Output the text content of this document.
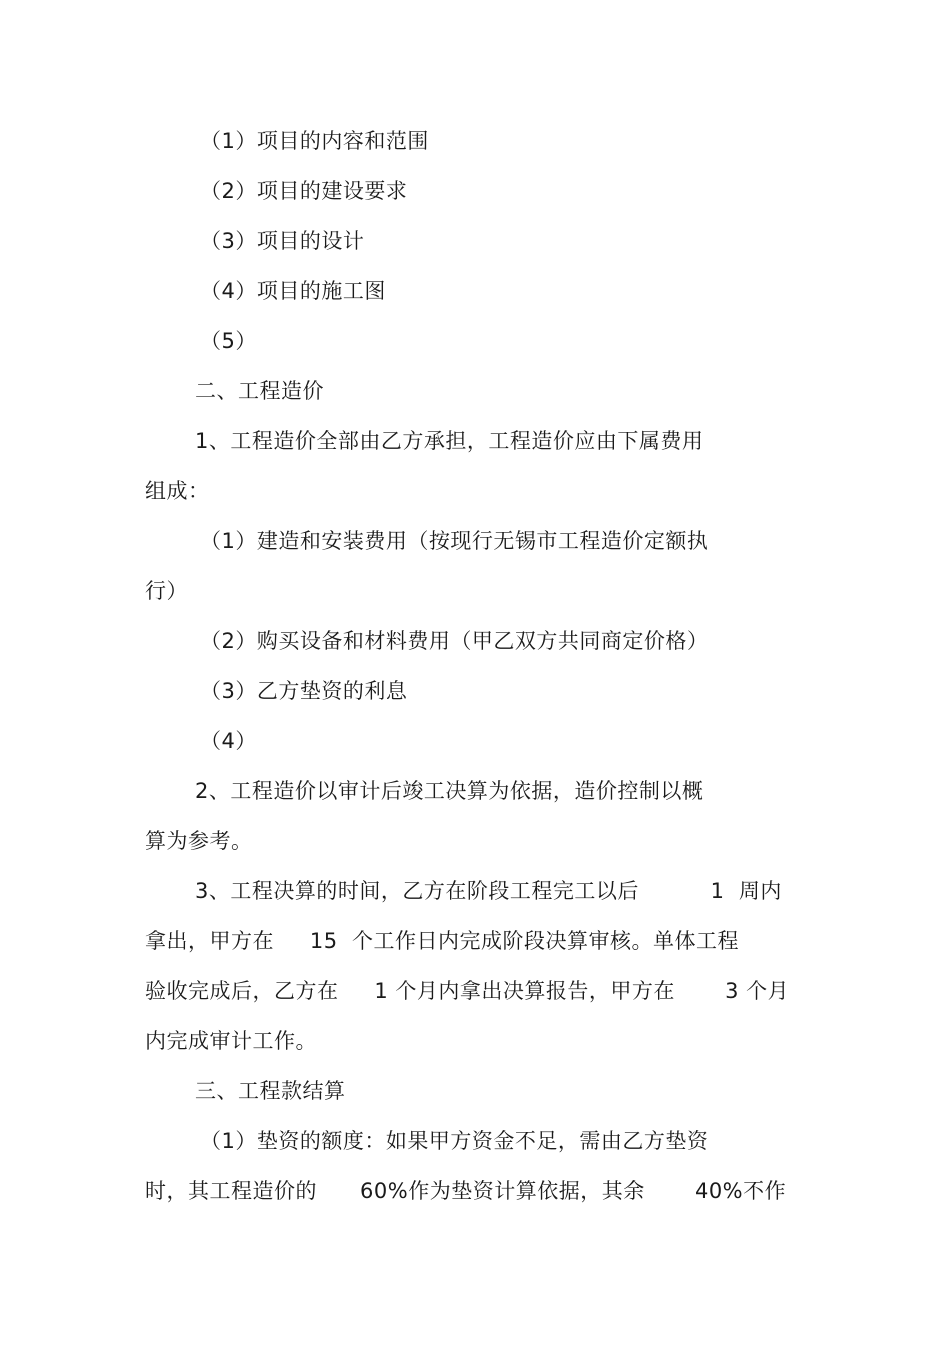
（1）项目的内容和范围
（2）项目的建设要求
（3）项目的设计
（4）项目的施工图
（5）
二、工程造价
1、工程造价全部由乙方承担，工程造价应由下属费用
组成：
（1）建造和安装费用（按现行无锡市工程造价定额执
行）
（2）购买设备和材料费用（甲乙双方共同商定价格）
（3）乙方垫资的利息
（4）
2、工程造价以审计后竣工决算为依据，造价控制以概
算为参考。
3、工程决算的时间，乙方在阶段工程完工以后          1  周内
拿出，甲方在     15  个工作日内完成阶段决算审核。单体工程
验收完成后，乙方在     1 个月内拿出决算报告，甲方在       3 个月
内完成审计工作。
三、工程款结算
（1）垫资的额度：如果甲方资金不足，需由乙方垫资
时，其工程造价的      60%作为垫资计算依据，其余       40%不作
